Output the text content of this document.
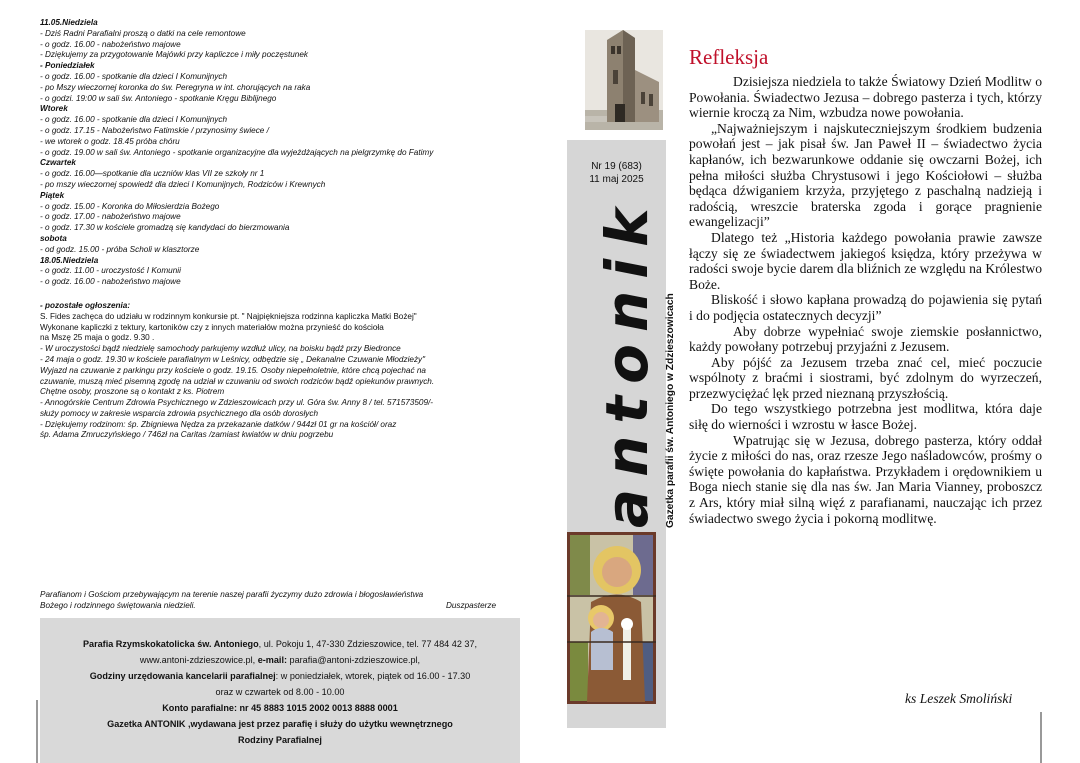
11.05.Niedziela
- Dziś Radni Parafialni proszą o datki na cele remontowe
- o godz. 16.00 - nabożeństwo majowe
- Dziękujemy za przygotowanie Majówki przy kapliczce i miły poczęstunek
- Poniedziałek
- o godz. 16.00 - spotkanie dla dzieci I Komunijnych
- po Mszy wieczornej koronka do św. Peregryna w int. chorujących na raka
- o godzi. 19:00 w sali św. Antoniego - spotkanie Kręgu Biblijnego
Wtorek
- o godz. 16.00 - spotkanie dla dzieci I Komunijnych
- o godz. 17.15 - Nabożeństwo Fatimskie / przynosimy świece /
- we wtorek o godz. 18.45 próba chóru
- o godz. 19.00 w sali św. Antoniego - spotkanie organizacyjne dla wyjeżdżających na pielgrzymkę do Fatimy
Czwartek
- o godz. 16.00—spotkanie dla uczniów klas VII ze szkoły nr 1
- po mszy wieczornej spowiedź dla dzieci I Komunijnych, Rodziców i Krewnych
Piątek
- o godz. 15.00 - Koronka do Miłosierdzia Bożego
- o godz. 17.00 - nabożeństwo majowe
- o godz. 17.30 w kościele gromadzą się kandydaci do bierzmowania
sobota
- od godz. 15.00 - próba Scholi w klasztorze
18.05.Niedziela
- o godz. 11.00 - uroczystość I Komunii
- o godz. 16.00 - nabożeństwo majowe
- pozostałe ogłoszenia:
S. Fides zachęca do udziału w rodzinnym konkursie pt. " Najpiękniejsza rodzinna kapliczka Matki Bożej"
Wykonane kapliczki z tektury, kartoników czy z innych materiałów można przynieść do kościoła
na Mszę 25 maja o godz. 9.30 .
- W uroczystości bądź niedzielę samochody parkujemy wzdłuż ulicy, na boisku bądź przy Biedronce
- 24 maja o godz. 19.30 w kościele parafialnym w Leśnicy, odbędzie się „ Dekanalne Czuwanie Młodzieży"
Wyjazd na czuwanie z parkingu przy kościele o godz. 19.15. Osoby niepełnoletnie, które chcą pojechać na
czuwanie, muszą mieć pisemną zgodę na udział w czuwaniu od swoich rodziców bądź opiekunów prawnych.
Chętne osoby, proszone są o kontakt z ks. Piotrem
- Annogórskie Centrum Zdrowia Psychicznego w Zdzieszowicach przy ul. Góra św. Anny 8 / tel. 571573509/-
służy pomocy w zakresie wsparcia zdrowia psychicznego dla osób dorosłych
- Dziękujemy rodzinom: śp. Zbigniewa Nędza za przekazanie datków / 944zł 01 gr na kościół/ oraz
śp. Adama Zmruczyńskiego / 746zł na Caritas /zamiast kwiatów w dniu pogrzebu
Parafianom i Gościom przebywającym na terenie naszej parafii życzymy dużo zdrowia i błogosławieństwa
Bożego i rodzinnego świętowania niedzieli.	Duszpasterze
Parafia Rzymskokatolicka św. Antoniego, ul. Pokoju 1, 47-330 Zdzieszowice, tel. 77 484 42 37,
www.antoni-zdzieszowice.pl, e-mail: parafia@antoni-zdzieszowice.pl,
Godziny urzędowania kancelarii parafialnej: w poniedziałek, wtorek, piątek od 16.00 - 17.30
oraz w czwartek od 8.00 - 10.00
Konto parafialne: nr 45 8883 1015 2002 0013 8888 0001
Gazetka ANTONIK ,wydawana jest przez parafię i służy do użytku wewnętrznego
Rodziny Parafialnej
Nr 19 (683)
11 maj 2025
antonik Gazetka parafii św. Antoniego w Zdzieszowicach
Refleksja
Dzisiejsza niedziela to także Światowy Dzień Modlitw o Powołania. Świadectwo Jezusa – dobrego pasterza i tych, którzy wiernie kroczą za Nim, wzbudza nowe powołania.
„Najważniejszym i najskuteczniejszym środkiem budzenia powołań jest – jak pisał św. Jan Paweł II – świadectwo życia kapłanów, ich bezwarunkowe oddanie się owczarni Bożej, ich pełna miłości służba Chrystusowi i jego Kościołowi – służba będąca dźwiganiem krzyża, przyjętego z paschalną nadzieją i radością, wreszcie braterska zgoda i gorące pragnienie ewangelizacji”
Dlatego też „Historia każdego powołania prawie zawsze łączy się ze świadectwem jakiegoś księdza, który przeżywa w radości swoje bycie darem dla bliźnich ze względu na Królestwo Boże.
Bliskość i słowo kapłana prowadzą do pojawienia się pytań i do podjęcia ostatecznych decyzji”
Aby dobrze wypełniać swoje ziemskie posłannictwo, każdy powołany potrzebuj przyjaźni z Jezusem.
Aby pójść za Jezusem trzeba znać cel, mieć poczucie wspólnoty z braćmi i siostrami, być zdolnym do wyrzeczeń, przezwyciężać lęk przed nieznaną przyszłością.
Do tego wszystkiego potrzebna jest modlitwa, która daje siłę do wierności i wzrostu w łasce Bożej.
Wpatrując się w Jezusa, dobrego pasterza, który oddał życie z miłości do nas, oraz rzesze Jego naśladowców, prośmy o święte powołania do kapłaństwa. Przykładem i orędownikiem u Boga niech stanie się dla nas św. Jan Maria Vianney, proboszcz z Ars, który miał silną więź z parafianami, nauczając ich przez świadectwo swego życia i pokorną modlitwę.
ks Leszek Smoliński
